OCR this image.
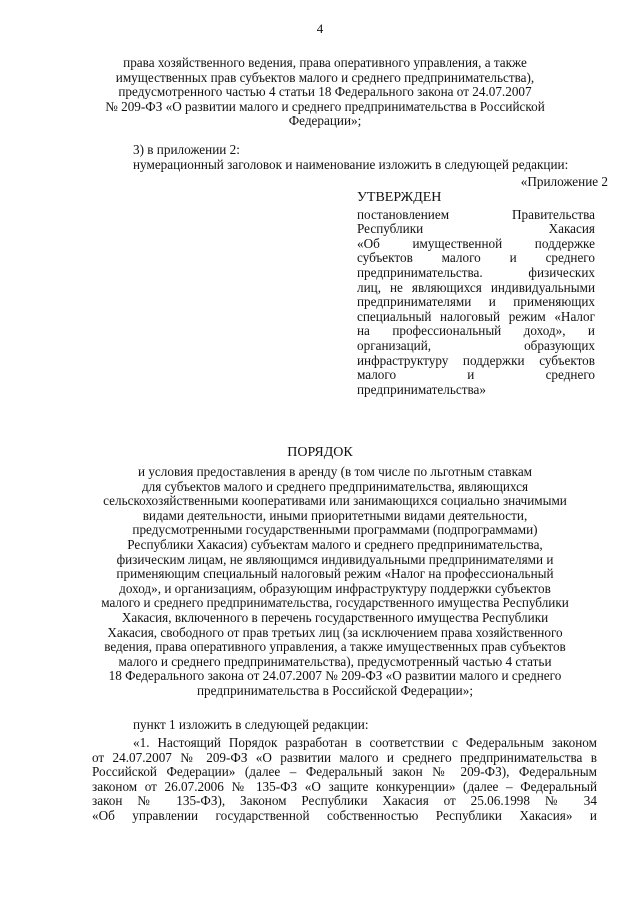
4
права хозяйственного ведения, права оперативного управления, а также
имущественных прав субъектов малого и среднего предпринимательства),
предусмотренного частью 4 статьи 18 Федерального закона от 24.07.2007
№ 209-ФЗ «О развитии малого и среднего предпринимательства в Российской
Федерации»;
3) в приложении 2:
нумерационный заголовок и наименование изложить в следующей редакции:
«Приложение 2
УТВЕРЖДЕН
постановлением Правительства
Республики Хакасия
«Об имущественной поддержке
субъектов малого и среднего
предпринимательства. физических
лиц, не являющихся индивидуальными
предпринимателями и применяющих
специальный налоговый режим «Налог
на профессиональный доход», и
организаций, образующих
инфраструктуру поддержки субъектов
малого и среднего
предпринимательства»
ПОРЯДОК
и условия предоставления в аренду (в том числе по льготным ставкам
для субъектов малого и среднего предпринимательства, являющихся
сельскохозяйственными кооперативами или занимающихся социально значимыми
видами деятельности, иными приоритетными видами деятельности,
предусмотренными государственными программами (подпрограммами)
Республики Хакасия) субъектам малого и среднего предпринимательства,
физическим лицам, не являющимся индивидуальными предпринимателями и
применяющим специальный налоговый режим «Налог на профессиональный
доход», и организациям, образующим инфраструктуру поддержки субъектов
малого и среднего предпринимательства, государственного имущества Республики
Хакасия, включенного в перечень государственного имущества Республики
Хакасия, свободного от прав третьих лиц (за исключением права хозяйственного
ведения, права оперативного управления, а также имущественных прав субъектов
малого и среднего предпринимательства), предусмотренный частью 4 статьи
18 Федерального закона от 24.07.2007 № 209-ФЗ «О развитии малого и среднего
предпринимательства в Российской Федерации»;
пункт 1 изложить в следующей редакции:
«1. Настоящий Порядок разработан в соответствии с Федеральным законом
от 24.07.2007 № 209-ФЗ «О развитии малого и среднего предпринимательства в
Российской Федерации» (далее – Федеральный закон № 209-ФЗ), Федеральным
законом от 26.07.2006 № 135-ФЗ «О защите конкуренции» (далее – Федеральный
закон № 135-ФЗ), Законом Республики Хакасия от 25.06.1998 № 34
«Об управлении государственной собственностью Республики Хакасия» и
